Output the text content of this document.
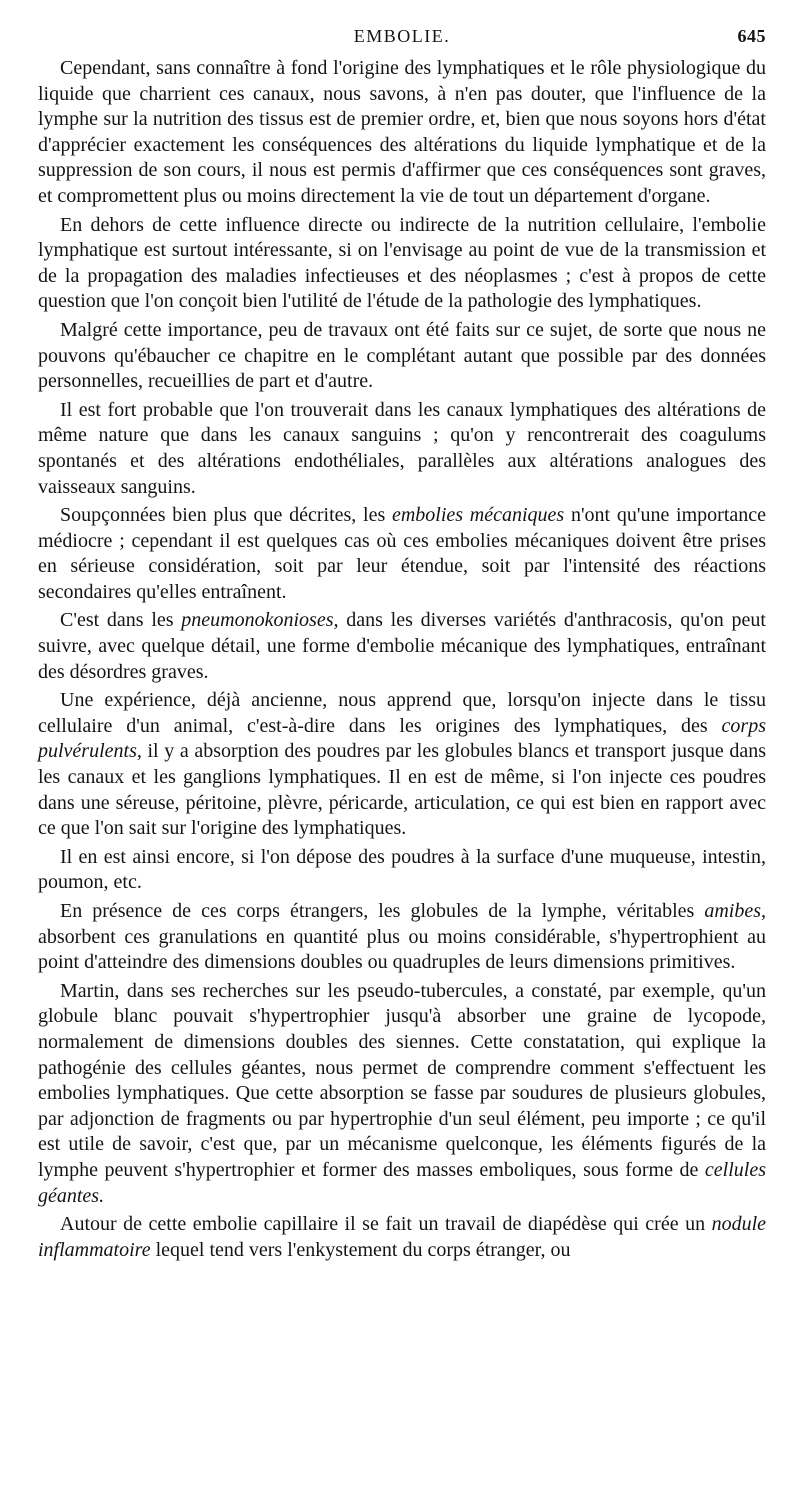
EMBOLIE.	645

Cependant, sans connaître à fond l'origine des lymphatiques et le rôle physiologique du liquide que charrient ces canaux, nous savons, à n'en pas douter, que l'influence de la lymphe sur la nutrition des tissus est de premier ordre, et, bien que nous soyons hors d'état d'apprécier exactement les conséquences des altérations du liquide lymphatique et de la suppression de son cours, il nous est permis d'affirmer que ces conséquences sont graves, et compromettent plus ou moins directement la vie de tout un département d'organe.

En dehors de cette influence directe ou indirecte de la nutrition cellulaire, l'embolie lymphatique est surtout intéressante, si on l'envisage au point de vue de la transmission et de la propagation des maladies infectieuses et des néoplasmes ; c'est à propos de cette question que l'on conçoit bien l'utilité de l'étude de la pathologie des lymphatiques.

Malgré cette importance, peu de travaux ont été faits sur ce sujet, de sorte que nous ne pouvons qu'ébaucher ce chapitre en le complétant autant que possible par des données personnelles, recueillies de part et d'autre.

Il est fort probable que l'on trouverait dans les canaux lymphatiques des altérations de même nature que dans les canaux sanguins ; qu'on y rencontrerait des coagulums spontanés et des altérations endothéliales, parallèles aux altérations analogues des vaisseaux sanguins.

Soupçonnées bien plus que décrites, les embolies mécaniques n'ont qu'une importance médiocre ; cependant il est quelques cas où ces embolies mécaniques doivent être prises en sérieuse considération, soit par leur étendue, soit par l'intensité des réactions secondaires qu'elles entraînent.

C'est dans les pneumonokonioses, dans les diverses variétés d'anthracosis, qu'on peut suivre, avec quelque détail, une forme d'embolie mécanique des lymphatiques, entraînant des désordres graves.

Une expérience, déjà ancienne, nous apprend que, lorsqu'on injecte dans le tissu cellulaire d'un animal, c'est-à-dire dans les origines des lymphatiques, des corps pulvérulents, il y a absorption des poudres par les globules blancs et transport jusque dans les canaux et les ganglions lymphatiques. Il en est de même, si l'on injecte ces poudres dans une séreuse, péritoine, plèvre, péricarde, articulation, ce qui est bien en rapport avec ce que l'on sait sur l'origine des lymphatiques.

Il en est ainsi encore, si l'on dépose des poudres à la surface d'une muqueuse, intestin, poumon, etc.

En présence de ces corps étrangers, les globules de la lymphe, véritables amibes, absorbent ces granulations en quantité plus ou moins considérable, s'hypertrophient au point d'atteindre des dimensions doubles ou quadruples de leurs dimensions primitives.

Martin, dans ses recherches sur les pseudo-tubercules, a constaté, par exemple, qu'un globule blanc pouvait s'hypertrophier jusqu'à absorber une graine de lycopode, normalement de dimensions doubles des siennes. Cette constatation, qui explique la pathogénie des cellules géantes, nous permet de comprendre comment s'effectuent les embolies lymphatiques. Que cette absorption se fasse par soudures de plusieurs globules, par adjonction de fragments ou par hypertrophie d'un seul élément, peu importe ; ce qu'il est utile de savoir, c'est que, par un mécanisme quelconque, les éléments figurés de la lymphe peuvent s'hypertrophier et former des masses emboliques, sous forme de cellules géantes.

Autour de cette embolie capillaire il se fait un travail de diapédèse qui crée un nodule inflammatoire lequel tend vers l'enkystement du corps étranger, ou
